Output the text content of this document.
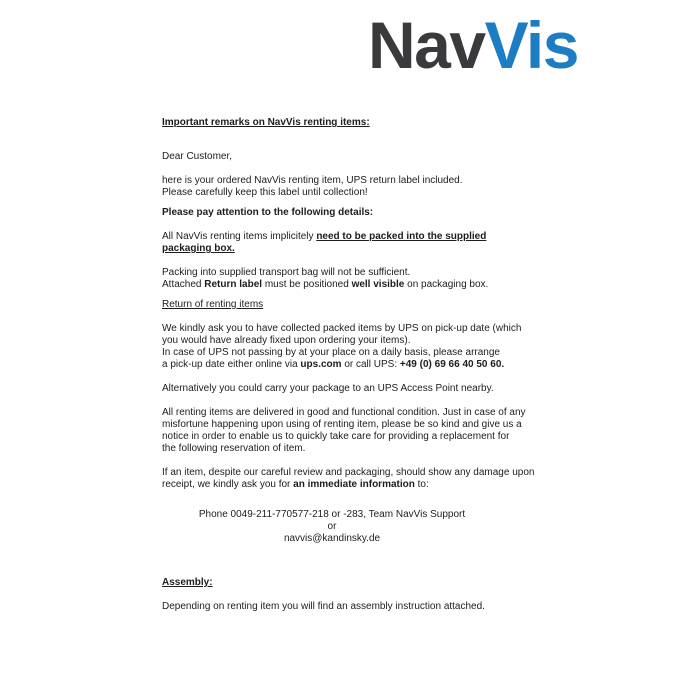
NavVis
Important remarks on NavVis renting items:
Dear Customer,
here is your ordered NavVis renting item, UPS return label included.
Please carefully keep this label until collection!
Please pay attention to the following details:
All NavVis renting items implicitely need to be packed into the supplied
packaging box.
Packing into supplied transport bag will not be sufficient.
Attached Return label must be positioned well visible on packaging box.
Return of renting items
We kindly ask you to have collected packed items by UPS on pick-up date (which
you would have already fixed upon ordering your items).
In case of UPS not passing by at your place on a daily basis, please arrange
a pick-up date either online via ups.com or call UPS: +49 (0) 69 66 40 50 60.
Alternatively you could carry your package to an UPS Access Point nearby.
All renting items are delivered in good and functional condition. Just in case of any
misfortune happening upon using of renting item, please be so kind and give us a
notice in order to enable us to quickly take care for providing a replacement for
the following reservation of item.
If an item, despite our careful review and packaging, should show any damage upon
receipt, we kindly ask you for an immediate information to:
Phone 0049-211-770577-218 or -283, Team NavVis Support
or
navvis@kandinsky.de
Assembly:
Depending on renting item you will find an assembly instruction attached.
